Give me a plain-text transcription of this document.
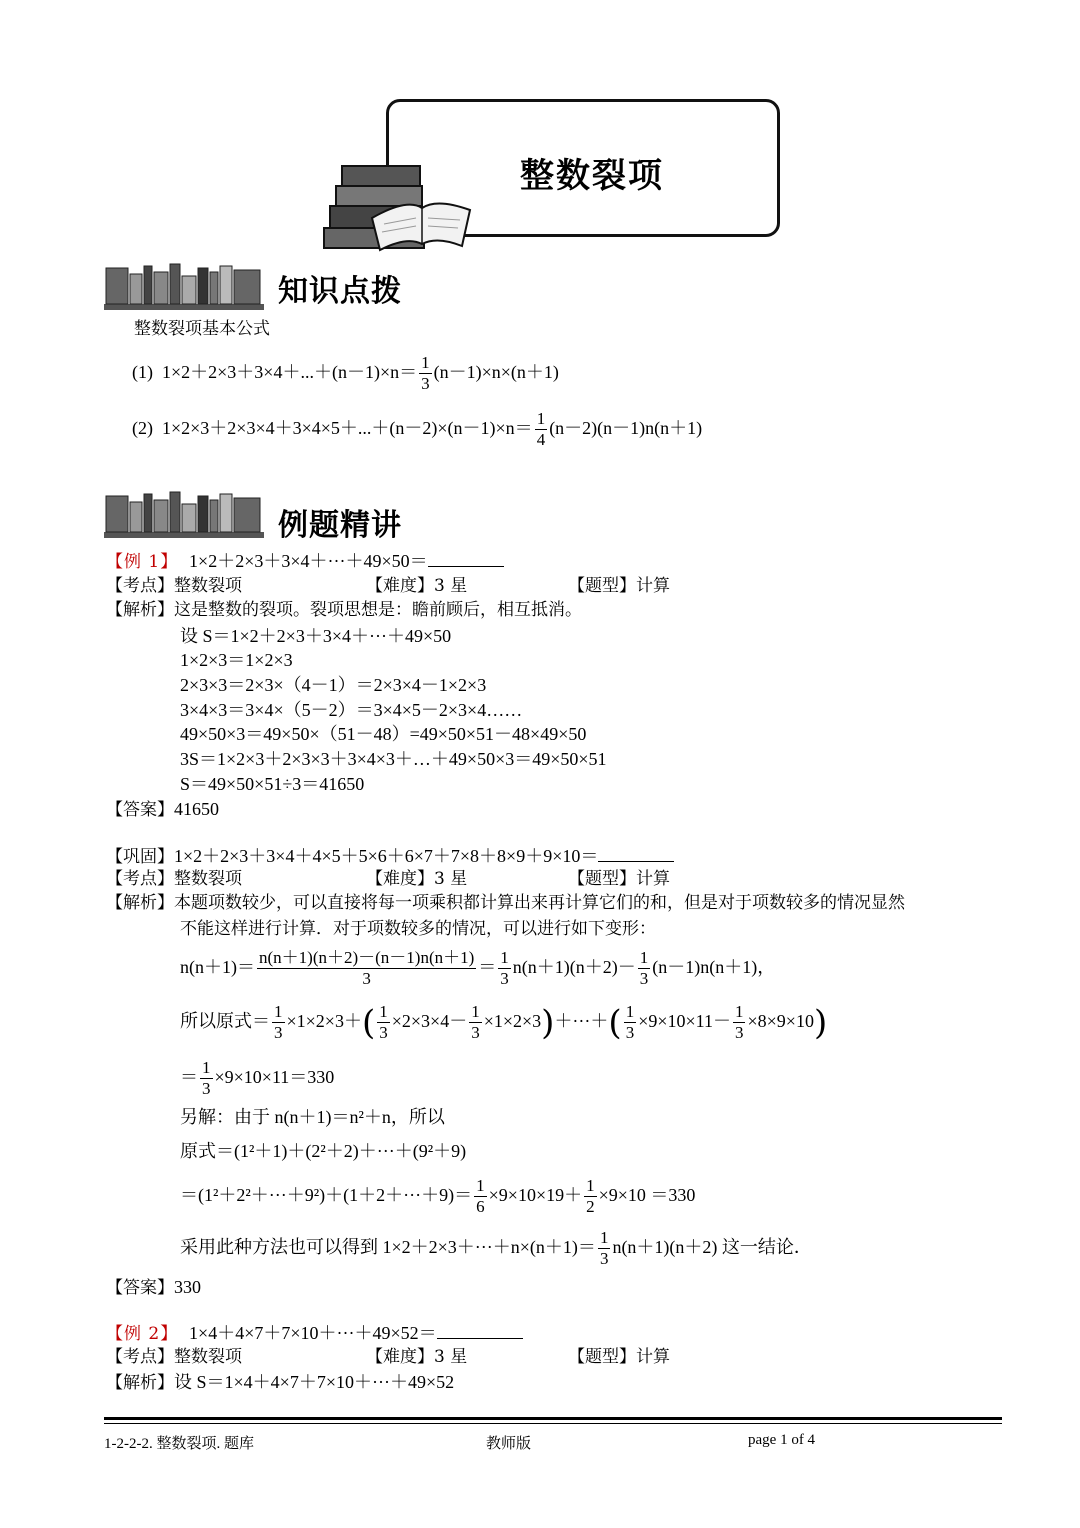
整数裂项
知识点拨
整数裂项基本公式
(1) $1\times 2+2\times 3+3\times 4+...+(n-1)\times n= \frac{1}{3} (n-1)\times n\times(n+1)$
(2) $1\times 2\times 3+2\times 3\times 4+3\times 4\times 5+...+(n-2)\times(n-1)\times n= \frac{1}{4} (n-2)(n-1)n(n+1)$
例题精讲
【例 1】 1×2＋2×3＋3×4＋···＋49×50＝
【考点】整数裂项	【难度】3 星	【题型】计算
【解析】这是整数的裂项。裂项思想是：瞻前顾后，相互抵消。
设 S＝1×2＋2×3＋3×4＋···＋49×50
1×2×3＝1×2×3
2×3×3＝2×3×（4－1）＝2×3×4－1×2×3
3×4×3＝3×4×（5－2）＝3×4×5－2×3×4……
49×50×3＝49×50×（51－48）=49×50×51－48×49×50
3S＝1×2×3＋2×3×3＋3×4×3＋…＋49×50×3＝49×50×51
S＝49×50×51÷3＝41650
【答案】41650
【巩固】1×2＋2×3＋3×4＋4×5＋5×6＋6×7＋7×8＋8×9＋9×10＝
【考点】整数裂项	【难度】3 星	【题型】计算
【解析】本题项数较少，可以直接将每一项乘积都计算出来再计算它们的和，但是对于项数较多的情况显然
不能这样进行计算．对于项数较多的情况，可以进行如下变形：
$n(n+1)= \frac{n(n+1)(n+2)-(n-1)n(n+1)}{3} = \frac{1}{3} n(n+1)(n+2)- \frac{1}{3} (n-1)n(n+1)$，
所以原式＝ $\frac{1}{3} \times 1\times 2\times 3+( \frac{1}{3} \times 2\times 3\times 4- \frac{1}{3} \times 1\times 2\times 3)+\cdot\cdot\cdot+( \frac{1}{3} \times 9\times 10\times 11- \frac{1}{3} \times 8\times 9\times 10)$
＝ $\frac{1}{3} \times 9\times 10\times 11=330$
另解：由于 n(n＋1)＝n²＋n，所以
原式＝(1²＋1)＋(2²＋2)＋···＋(9²＋9)
$=(1^2+2^2+\cdot\cdot\cdot+9^2)+(1+2+\cdot\cdot\cdot+9)= \frac{1}{6} \times 9\times 10\times 19+ \frac{1}{2} \times 9\times 10 =330$
采用此种方法也可以得到 $1\times 2+2\times 3+\cdot\cdot\cdot+n\times(n+1)= \frac{1}{3} n(n+1)(n+2)$ 这一结论．
【答案】330
【例 2】 1×4＋4×7＋7×10＋···＋49×52＝
【考点】整数裂项	【难度】3 星	【题型】计算
【解析】设 S＝1×4＋4×7＋7×10＋···＋49×52
1-2-2-2. 整数裂项. 题库	教师版	page 1 of 4
